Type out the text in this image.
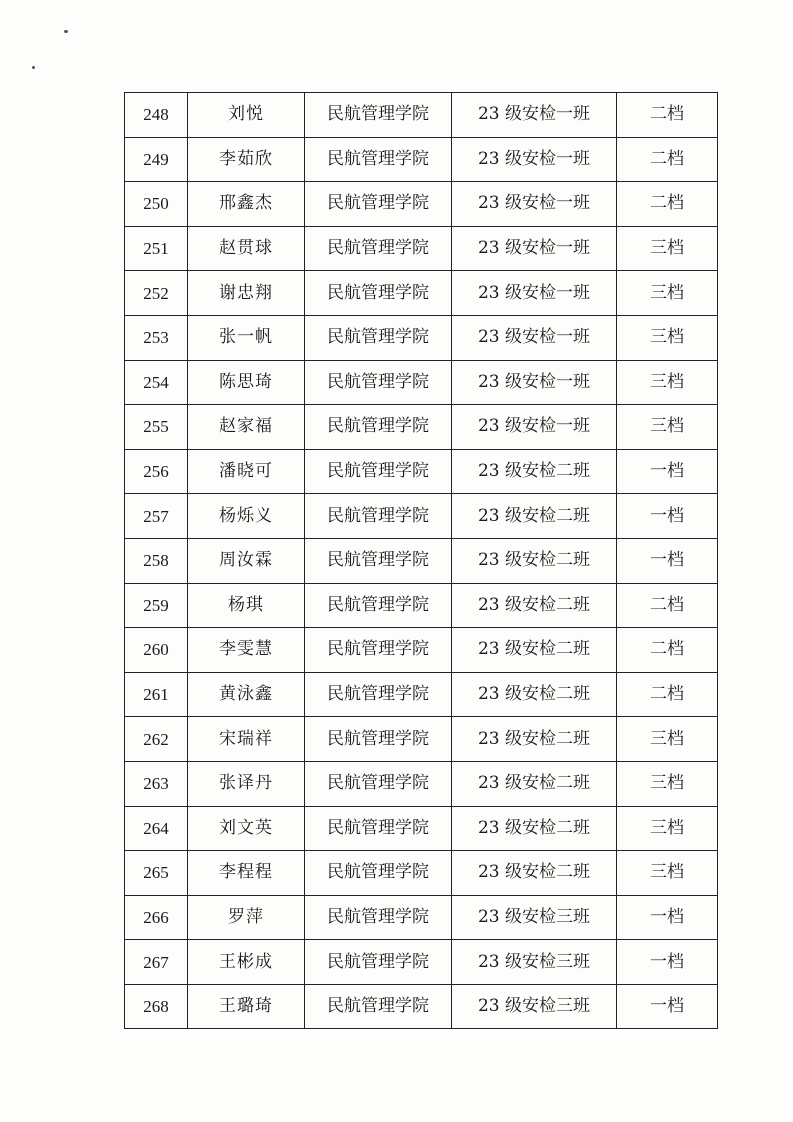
248	刘悦	民航管理学院	23 级安检一班	二档
249	李茹欣	民航管理学院	23 级安检一班	二档
250	邢鑫杰	民航管理学院	23 级安检一班	二档
251	赵贯球	民航管理学院	23 级安检一班	三档
252	谢忠翔	民航管理学院	23 级安检一班	三档
253	张一帆	民航管理学院	23 级安检一班	三档
254	陈思琦	民航管理学院	23 级安检一班	三档
255	赵家福	民航管理学院	23 级安检一班	三档
256	潘晓可	民航管理学院	23 级安检二班	一档
257	杨烁义	民航管理学院	23 级安检二班	一档
258	周汝霖	民航管理学院	23 级安检二班	一档
259	杨琪	民航管理学院	23 级安检二班	二档
260	李雯慧	民航管理学院	23 级安检二班	二档
261	黄泳鑫	民航管理学院	23 级安检二班	二档
262	宋瑞祥	民航管理学院	23 级安检二班	三档
263	张译丹	民航管理学院	23 级安检二班	三档
264	刘文英	民航管理学院	23 级安检二班	三档
265	李程程	民航管理学院	23 级安检二班	三档
266	罗萍	民航管理学院	23 级安检三班	一档
267	王彬成	民航管理学院	23 级安检三班	一档
268	王璐琦	民航管理学院	23 级安检三班	一档
